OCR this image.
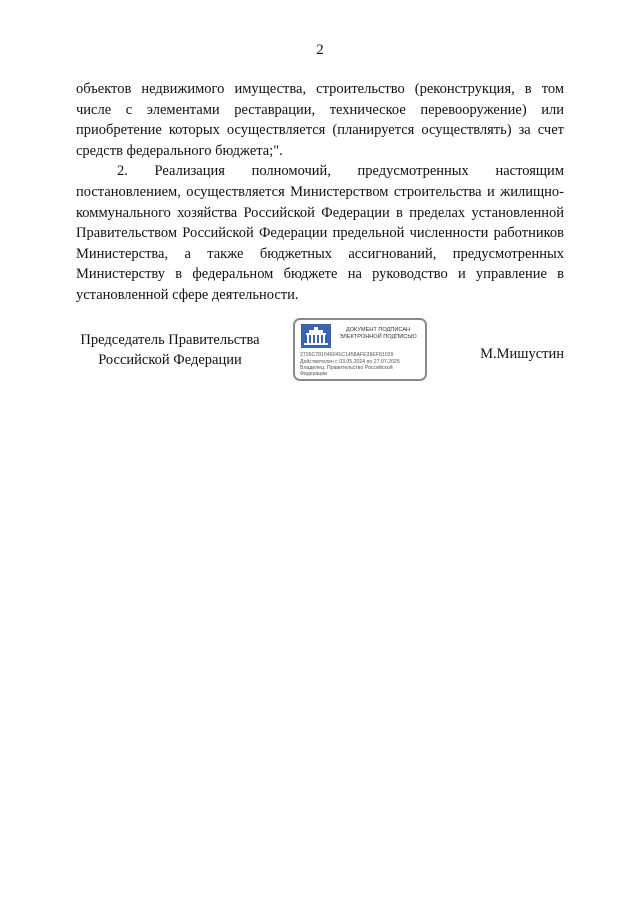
2

объектов недвижимого имущества, строительство (реконструкция, в том числе с элементами реставрации, техническое перевооружение) или приобретение которых осуществляется (планируется осуществлять) за счет средств федерального бюджета;".

2. Реализация полномочий, предусмотренных настоящим постановлением, осуществляется Министерством строительства и жилищно-коммунального хозяйства Российской Федерации в пределах установленной Правительством Российской Федерации предельной численности работников Министерства, а также бюджетных ассигнований, предусмотренных Министерству в федеральном бюджете на руководство и управление в установленной сфере деятельности.

Председатель Правительства
Российской Федерации
ДОКУМЕНТ ПОДПИСАН
ЭЛЕКТРОННОЙ ПОДПИСЬЮ
2726C781046041C1458AFE39EF81039
Действителен с 03.05.2024 по 27.07.2025
Владелец: Правительство Российской
Федерации
М.Мишустин
